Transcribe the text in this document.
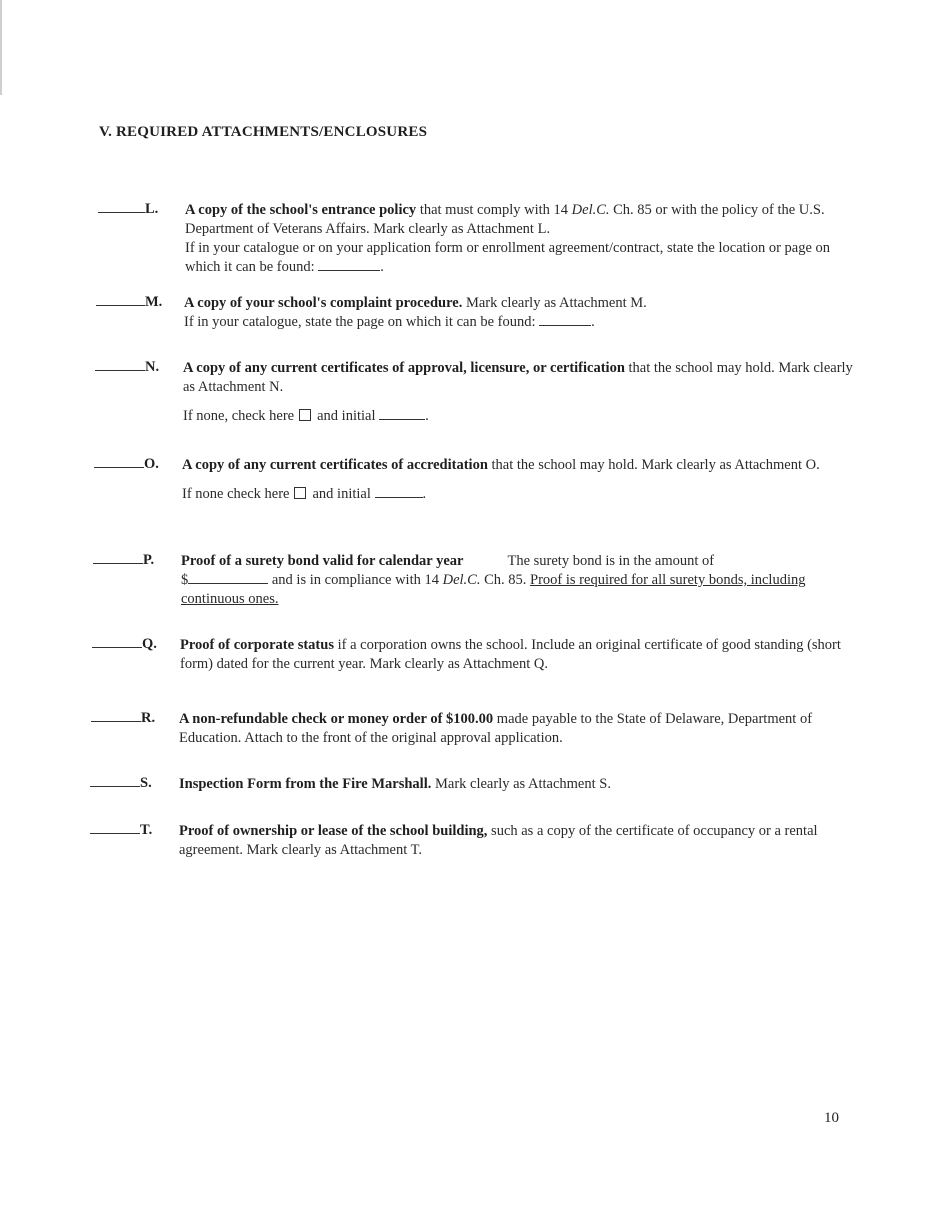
V. REQUIRED ATTACHMENTS/ENCLOSURES
L.	A copy of the school's entrance policy that must comply with 14 Del.C. Ch. 85 or with the policy of the U.S. Department of Veterans Affairs. Mark clearly as Attachment L.

If in your catalogue or on your application form or enrollment agreement/contract, state the location or page on which it can be found:	.

M.	A copy of your school's complaint procedure. Mark clearly as Attachment M.

If in your catalogue, state the page on which it can be found:	.

N.	A copy of any current certificates of approval, licensure, or certification that the school may hold. Mark clearly as Attachment N.

If none, check here and initial	.

O.	A copy of any current certificates of accreditation that the school may hold. Mark clearly as Attachment O.

If none check here and initial	.

P.	Proof of a surety bond valid for calendar year	The surety bond is in the amount of

$	and is in compliance with 14 Del.C. Ch. 85. Proof is required for all surety bonds, including continuous ones.

Q.	Proof of corporate status if a corporation owns the school. Include an original certificate of good standing (short form) dated for the current year. Mark clearly as Attachment Q.

R.	A non-refundable check or money order of $100.00 made payable to the State of Delaware, Department of Education. Attach to the front of the original approval application.

S.	Inspection Form from the Fire Marshall. Mark clearly as Attachment S.

T.	Proof of ownership or lease of the school building, such as a copy of the certificate of occupancy or a rental agreement. Mark clearly as Attachment T.

10
